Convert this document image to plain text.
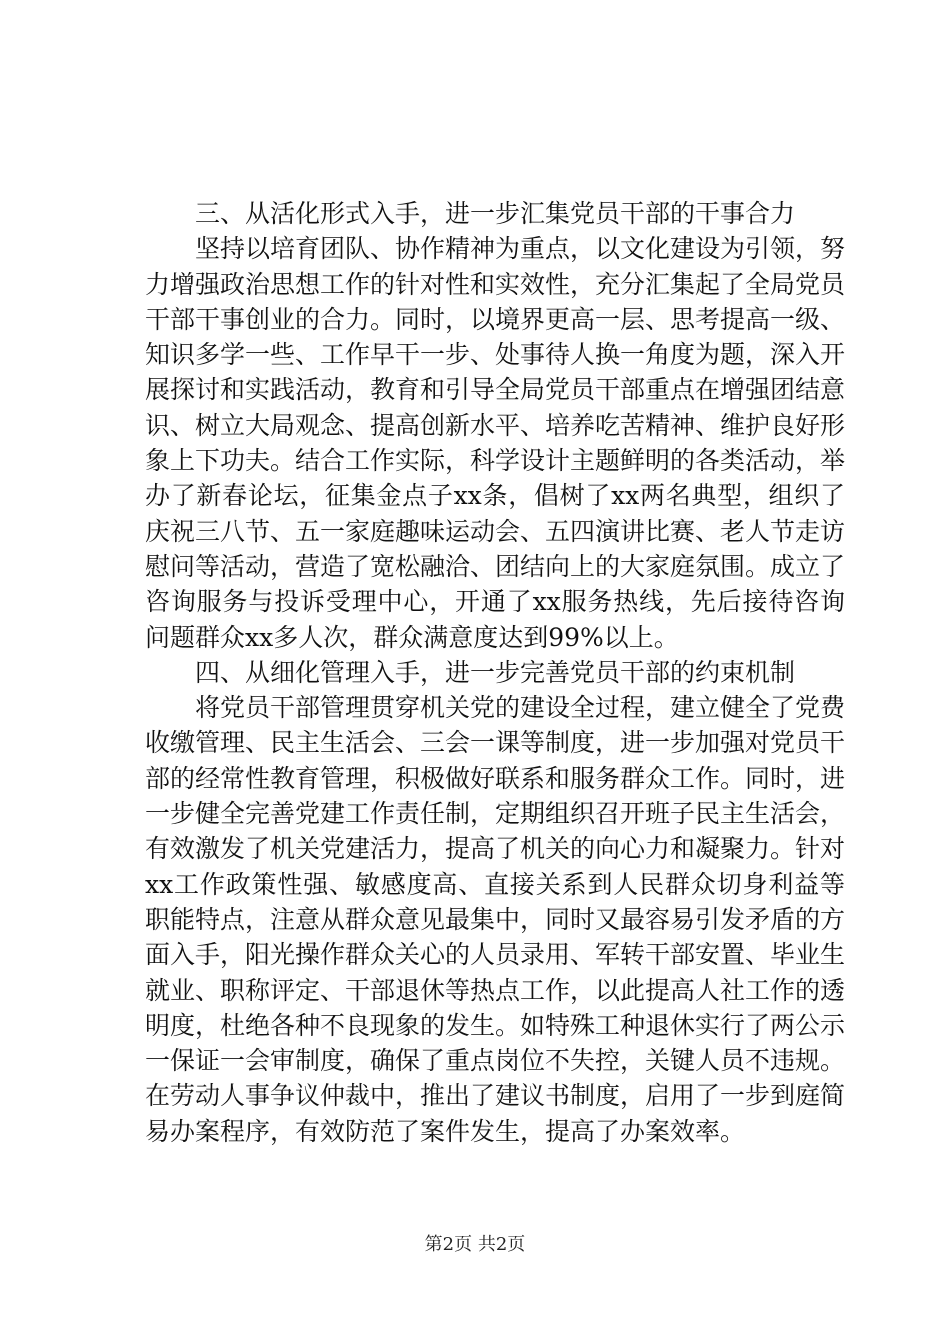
三、从活化形式入手，进一步汇集党员干部的干事合力

坚持以培育团队、协作精神为重点，以文化建设为引领，努力增强政治思想工作的针对性和实效性，充分汇集起了全局党员干部干事创业的合力。同时，以境界更高一层、思考提高一级、知识多学一些、工作早干一步、处事待人换一角度为题，深入开展探讨和实践活动，教育和引导全局党员干部重点在增强团结意识、树立大局观念、提高创新水平、培养吃苦精神、维护良好形象上下功夫。结合工作实际，科学设计主题鲜明的各类活动，举办了新春论坛，征集金点子xx条，倡树了xx两名典型，组织了庆祝三八节、五一家庭趣味运动会、五四演讲比赛、老人节走访慰问等活动，营造了宽松融洽、团结向上的大家庭氛围。成立了咨询服务与投诉受理中心，开通了xx服务热线，先后接待咨询问题群众xx多人次，群众满意度达到99%以上。

四、从细化管理入手，进一步完善党员干部的约束机制

将党员干部管理贯穿机关党的建设全过程，建立健全了党费收缴管理、民主生活会、三会一课等制度，进一步加强对党员干部的经常性教育管理，积极做好联系和服务群众工作。同时，进一步健全完善党建工作责任制，定期组织召开班子民主生活会，有效激发了机关党建活力，提高了机关的向心力和凝聚力。针对xx工作政策性强、敏感度高、直接关系到人民群众切身利益等职能特点，注意从群众意见最集中，同时又最容易引发矛盾的方面入手，阳光操作群众关心的人员录用、军转干部安置、毕业生就业、职称评定、干部退休等热点工作，以此提高人社工作的透明度，杜绝各种不良现象的发生。如特殊工种退休实行了两公示一保证一会审制度，确保了重点岗位不失控，关键人员不违规。在劳动人事争议仲裁中，推出了建议书制度，启用了一步到庭简易办案程序，有效防范了案件发生，提高了办案效率。

第2页 共2页
